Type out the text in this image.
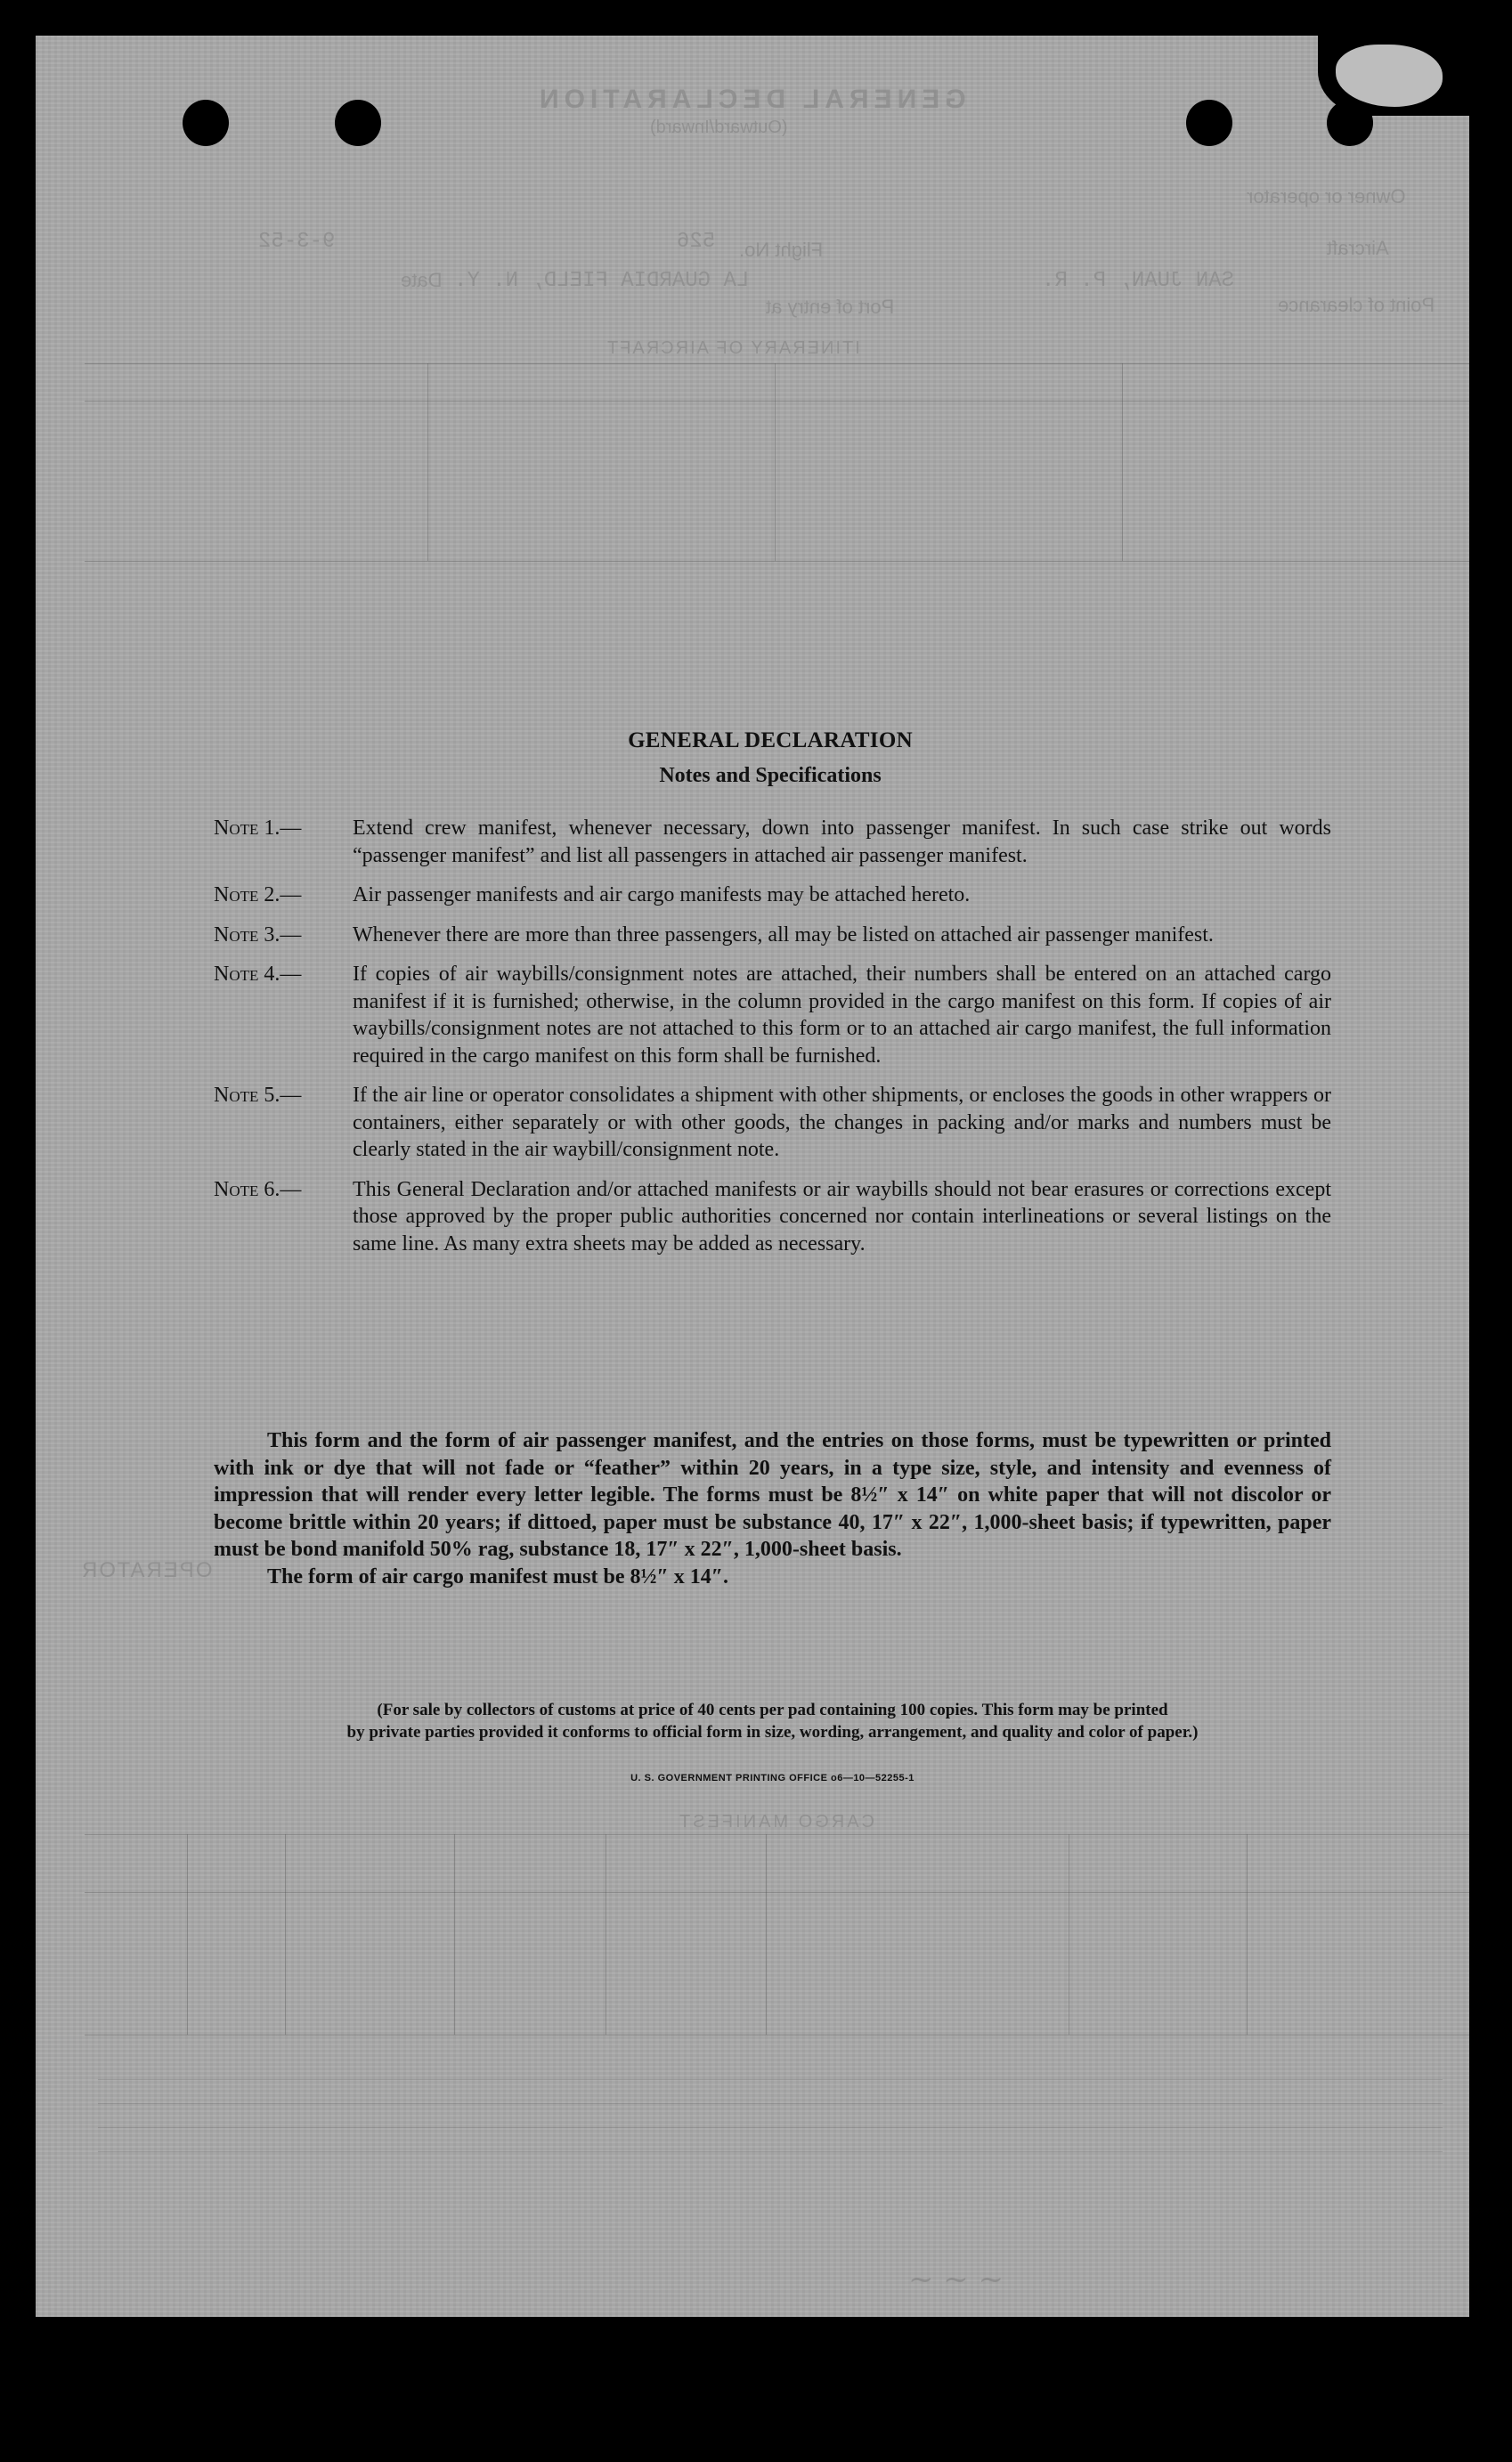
GENERAL DECLARATION
(Outward/Inward)
Owner or operator
Aircraft
Point of clearance
Flight No.
Date
Port of entry at
9-3-52	526
SAN JUAN, P. R.
LA GUARDIA FIELD, N. Y.
ITINERARY OF AIRCRAFT
OPERATOR
CARGO MANIFEST
~ ~ ~
GENERAL DECLARATION
Notes and Specifications
Note 1.— Extend crew manifest, whenever necessary, down into passenger manifest. In such case strike out words “passenger manifest” and list all passengers in attached air passenger manifest.
Note 2.— Air passenger manifests and air cargo manifests may be attached hereto.
Note 3.— Whenever there are more than three passengers, all may be listed on attached air passenger manifest.
Note 4.— If copies of air waybills/consignment notes are attached, their numbers shall be entered on an attached cargo manifest if it is furnished; otherwise, in the column provided in the cargo manifest on this form. If copies of air waybills/consignment notes are not attached to this form or to an attached air cargo manifest, the full information required in the cargo manifest on this form shall be furnished.
Note 5.— If the air line or operator consolidates a shipment with other shipments, or encloses the goods in other wrappers or containers, either separately or with other goods, the changes in packing and/or marks and numbers must be clearly stated in the air waybill/consignment note.
Note 6.— This General Declaration and/or attached manifests or air waybills should not bear erasures or corrections except those approved by the proper public authorities concerned nor contain interlineations or several listings on the same line. As many extra sheets may be added as necessary.

This form and the form of air passenger manifest, and the entries on those forms, must be typewritten or printed with ink or dye that will not fade or “feather” within 20 years, in a type size, style, and intensity and evenness of impression that will render every letter legible. The forms must be 8½″ x 14″ on white paper that will not discolor or become brittle within 20 years; if dittoed, paper must be substance 40, 17″ x 22″, 1,000-sheet basis; if typewritten, paper must be bond manifold 50% rag, substance 18, 17″ x 22″, 1,000-sheet basis.

The form of air cargo manifest must be 8½″ x 14″.

(For sale by collectors of customs at price of 40 cents per pad containing 100 copies. This form may be printed
by private parties provided it conforms to official form in size, wording, arrangement, and quality and color of paper.)
U. S. GOVERNMENT PRINTING OFFICE o6—10—52255-1
